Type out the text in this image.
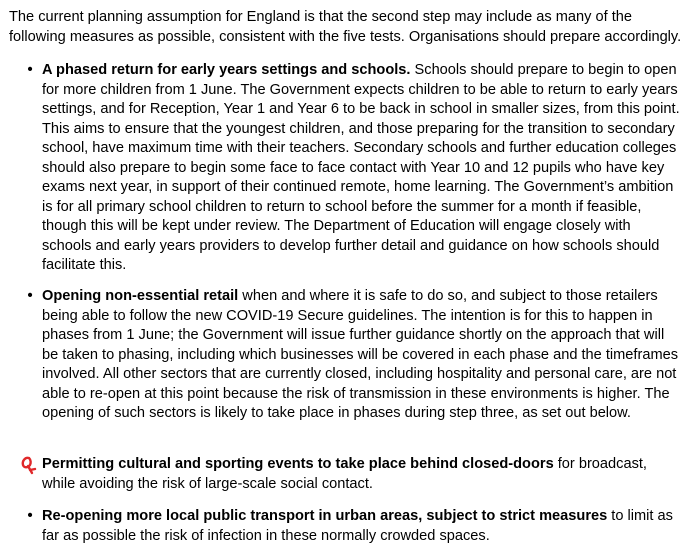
The current planning assumption for England is that the second step may include as many of the following measures as possible, consistent with the five tests. Organisations should prepare accordingly.

• A phased return for early years settings and schools. Schools should prepare to begin to open for more children from 1 June. The Government expects children to be able to return to early years settings, and for Reception, Year 1 and Year 6 to be back in school in smaller sizes, from this point. This aims to ensure that the youngest children, and those preparing for the transition to secondary school, have maximum time with their teachers. Secondary schools and further education colleges should also prepare to begin some face to face contact with Year 10 and 12 pupils who have key exams next year, in support of their continued remote, home learning. The Government’s ambition is for all primary school children to return to school before the summer for a month if feasible, though this will be kept under review. The Department of Education will engage closely with schools and early years providers to develop further detail and guidance on how schools should facilitate this.

• Opening non-essential retail when and where it is safe to do so, and subject to those retailers being able to follow the new COVID-19 Secure guidelines. The intention is for this to happen in phases from 1 June; the Government will issue further guidance shortly on the approach that will be taken to phasing, including which businesses will be covered in each phase and the timeframes involved. All other sectors that are currently closed, including hospitality and personal care, are not able to re-open at this point because the risk of transmission in these environments is higher. The opening of such sectors is likely to take place in phases during step three, as set out below.

Permitting cultural and sporting events to take place behind closed-doors for broadcast, while avoiding the risk of large-scale social contact.

• Re-opening more local public transport in urban areas, subject to strict measures to limit as far as possible the risk of infection in these normally crowded spaces.
